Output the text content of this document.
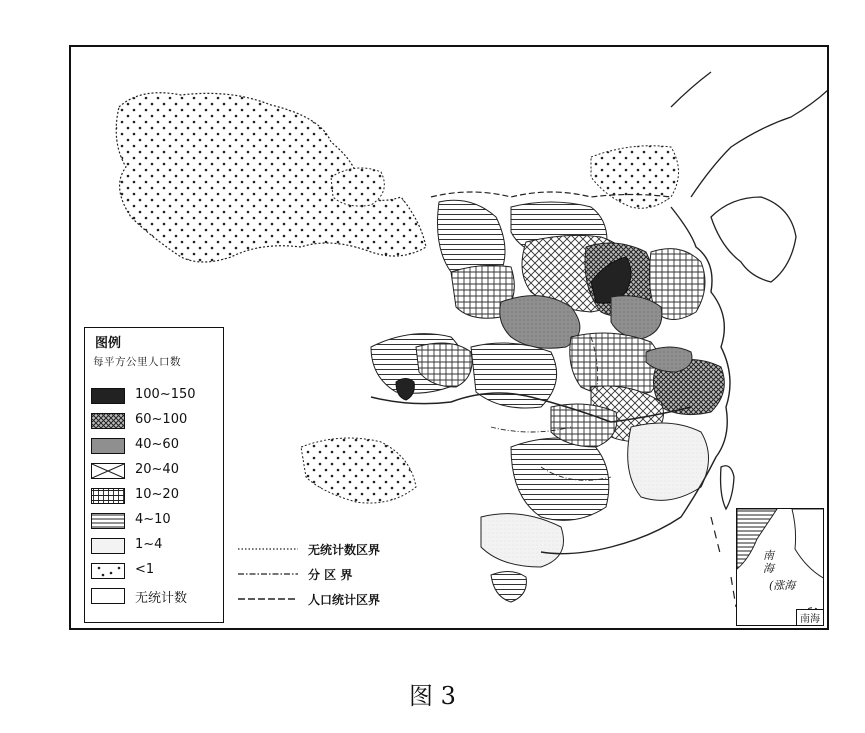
图例
每平方公里人口数
100~150
60~100
40~60
20~40
10~20
4~10
1~4
<1
无统计数
无统计数区界
分 区 界
人口统计区界
南
海
(涨海
南海
图 3
